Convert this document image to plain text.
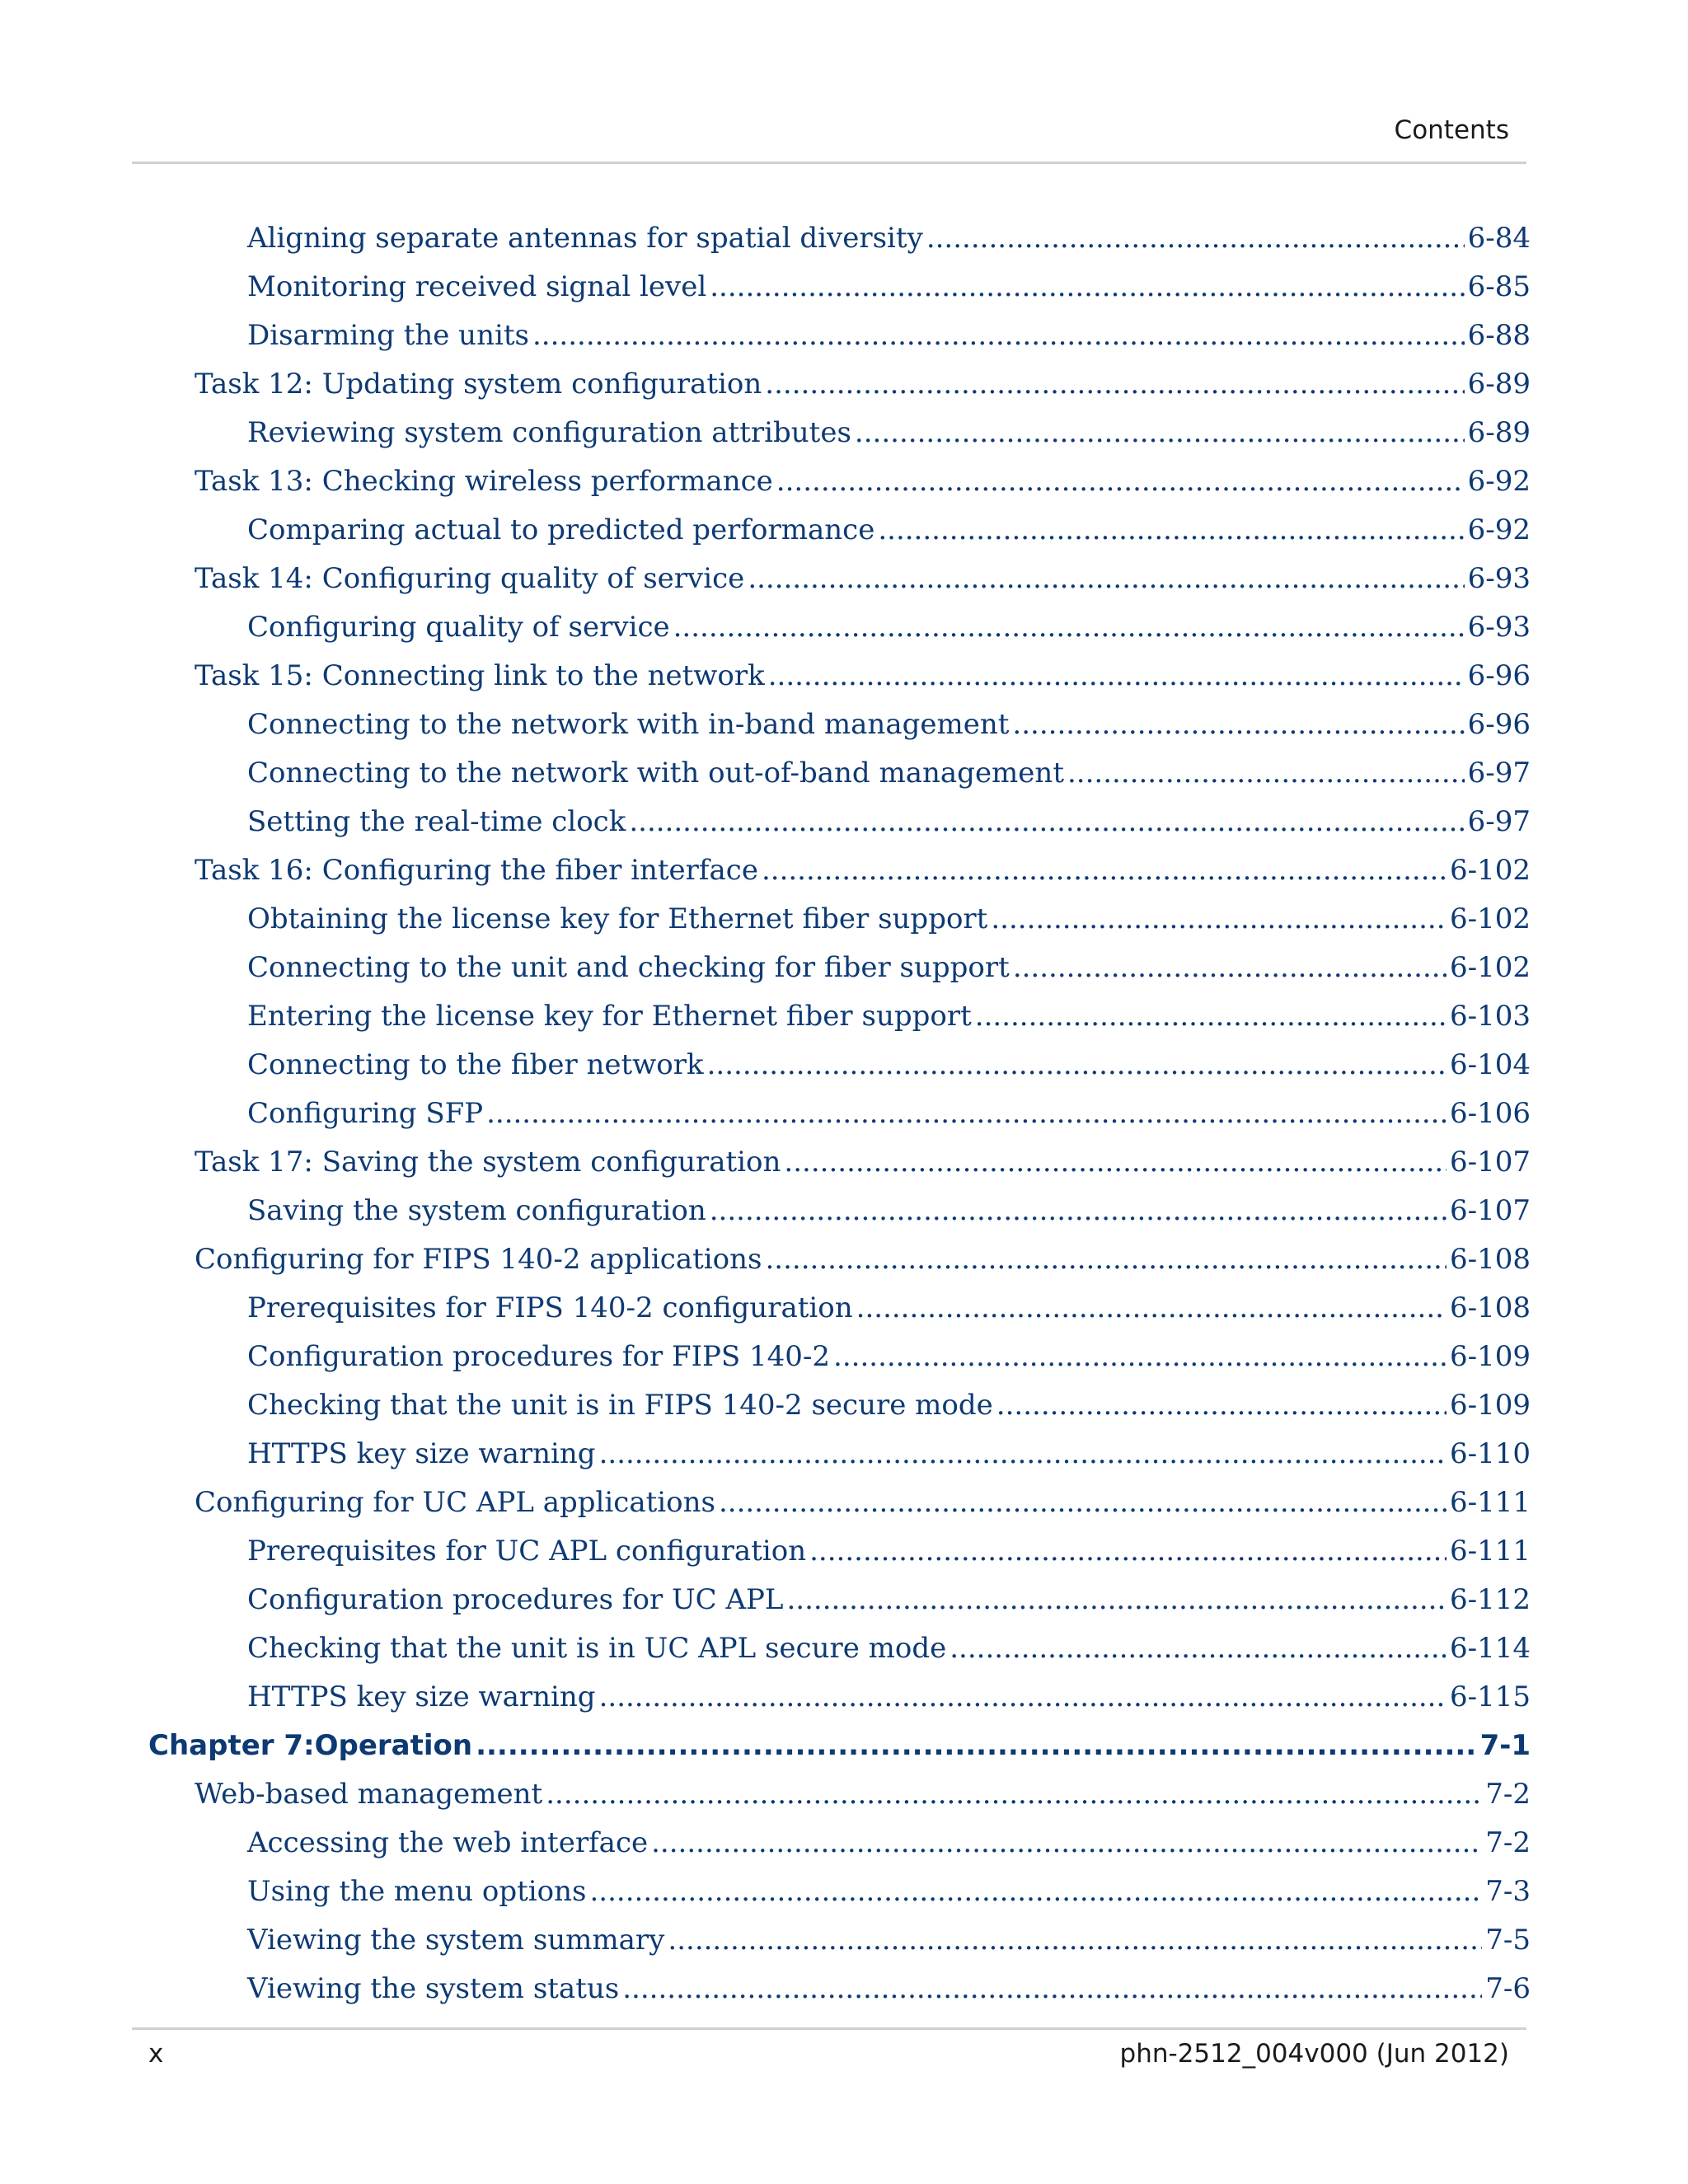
Contents
Aligning separate antennas for spatial diversity .....	6-84
Monitoring received signal level .....	6-85
Disarming the units .....	6-88
Task 12: Updating system configuration .....	6-89
Reviewing system configuration attributes .....	6-89
Task 13: Checking wireless performance .....	6-92
Comparing actual to predicted performance .....	6-92
Task 14: Configuring quality of service .....	6-93
Configuring quality of service .....	6-93
Task 15: Connecting link to the network .....	6-96
Connecting to the network with in-band management .....	6-96
Connecting to the network with out-of-band management .....	6-97
Setting the real-time clock .....	6-97
Task 16: Configuring the fiber interface .....	6-102
Obtaining the license key for Ethernet fiber support .....	6-102
Connecting to the unit and checking for fiber support .....	6-102
Entering the license key for Ethernet fiber support .....	6-103
Connecting to the fiber network .....	6-104
Configuring SFP .....	6-106
Task 17: Saving the system configuration .....	6-107
Saving the system configuration .....	6-107
Configuring for FIPS 140-2 applications .....	6-108
Prerequisites for FIPS 140-2 configuration .....	6-108
Configuration procedures for FIPS 140-2 .....	6-109
Checking that the unit is in FIPS 140-2 secure mode .....	6-109
HTTPS key size warning .....	6-110
Configuring for UC APL applications .....	6-111
Prerequisites for UC APL configuration .....	6-111
Configuration procedures for UC APL .....	6-112
Checking that the unit is in UC APL secure mode .....	6-114
HTTPS key size warning .....	6-115
Chapter 7: Operation .....	7-1
Web-based management .....	7-2
Accessing the web interface .....	7-2
Using the menu options .....	7-3
Viewing the system summary .....	7-5
Viewing the system status .....	7-6
x	phn-2512_004v000 (Jun 2012)
